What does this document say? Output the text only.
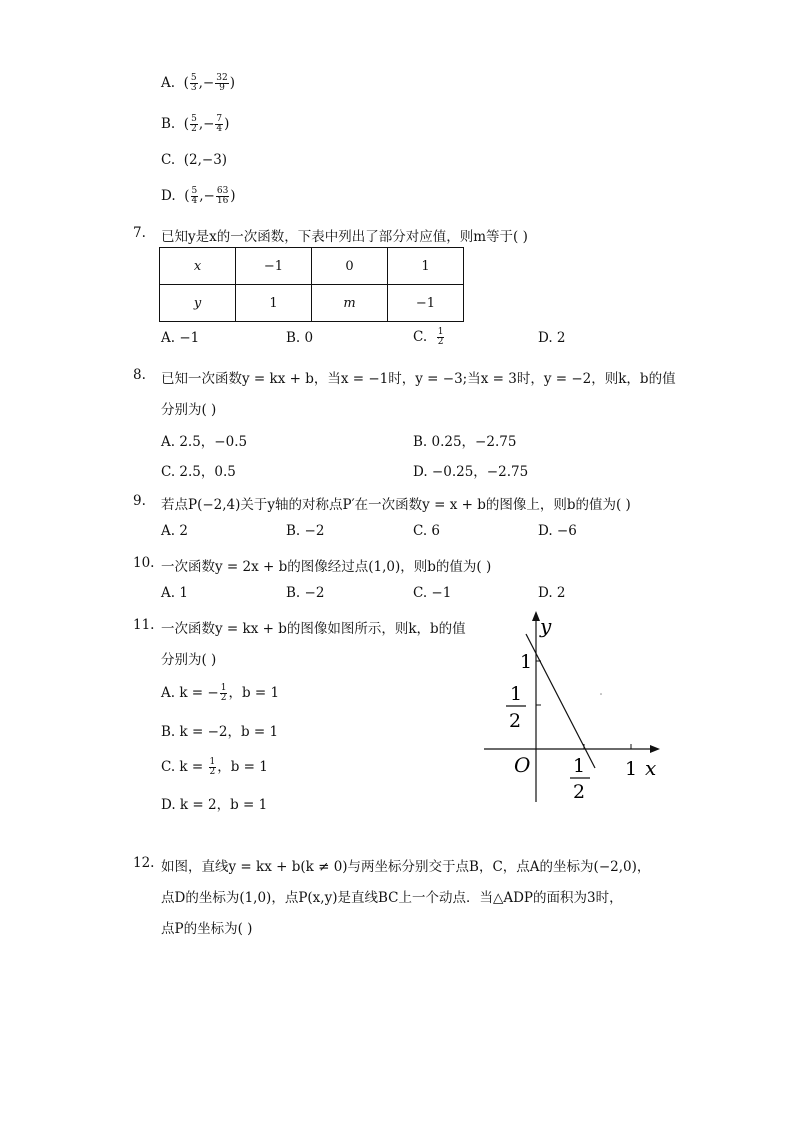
A.  ( $\frac{5}{3}$ ,− $\frac{32}{9}$ )
B.  ( $\frac{5}{2}$ ,− $\frac{7}{4}$ )
C. (2,−3)
D.  ( $\frac{5}{4}$ ,− $\frac{63}{16}$ )
7. 已知y是x的一次函数，下表中列出了部分对应值，则m等于( )
x	−1	0	1
y	1	m	−1
A. −1	B. 0	C. $\frac{1}{2}$	D. 2
8. 已知一次函数y = kx + b，当x = −1时，y = −3;当x = 3时，y = −2，则k，b的值
分别为( )
A. 2.5，−0.5	B. 0.25，−2.75
C. 2.5，0.5	D. −0.25，−2.75
9. 若点P(−2,4)关于y轴的对称点P′在一次函数y = x + b的图像上，则b的值为( )
A. 2	B. −2	C. 6	D. −6
10. 一次函数y = 2x + b的图像经过点(1,0)，则b的值为( )
A. 1	B. −2	C. −1	D. 2
11. 一次函数y = kx + b的图像如图所示，则k，b的值
分别为( )
A. k = − $\frac{1}{2}$ ，b = 1
B. k = −2，b = 1
C. $k = \frac{1}{2}$ ，b = 1
D. k = 2，b = 1
y
1
1
2
O 1
2
1 x
12. 如图，直线y = kx + b(k ≠ 0)与两坐标分别交于点B，C，点A的坐标为(−2,0)，
点D的坐标为(1,0)，点P(x,y)是直线BC上一个动点．当△ADP的面积为3时，
点P的坐标为( )
